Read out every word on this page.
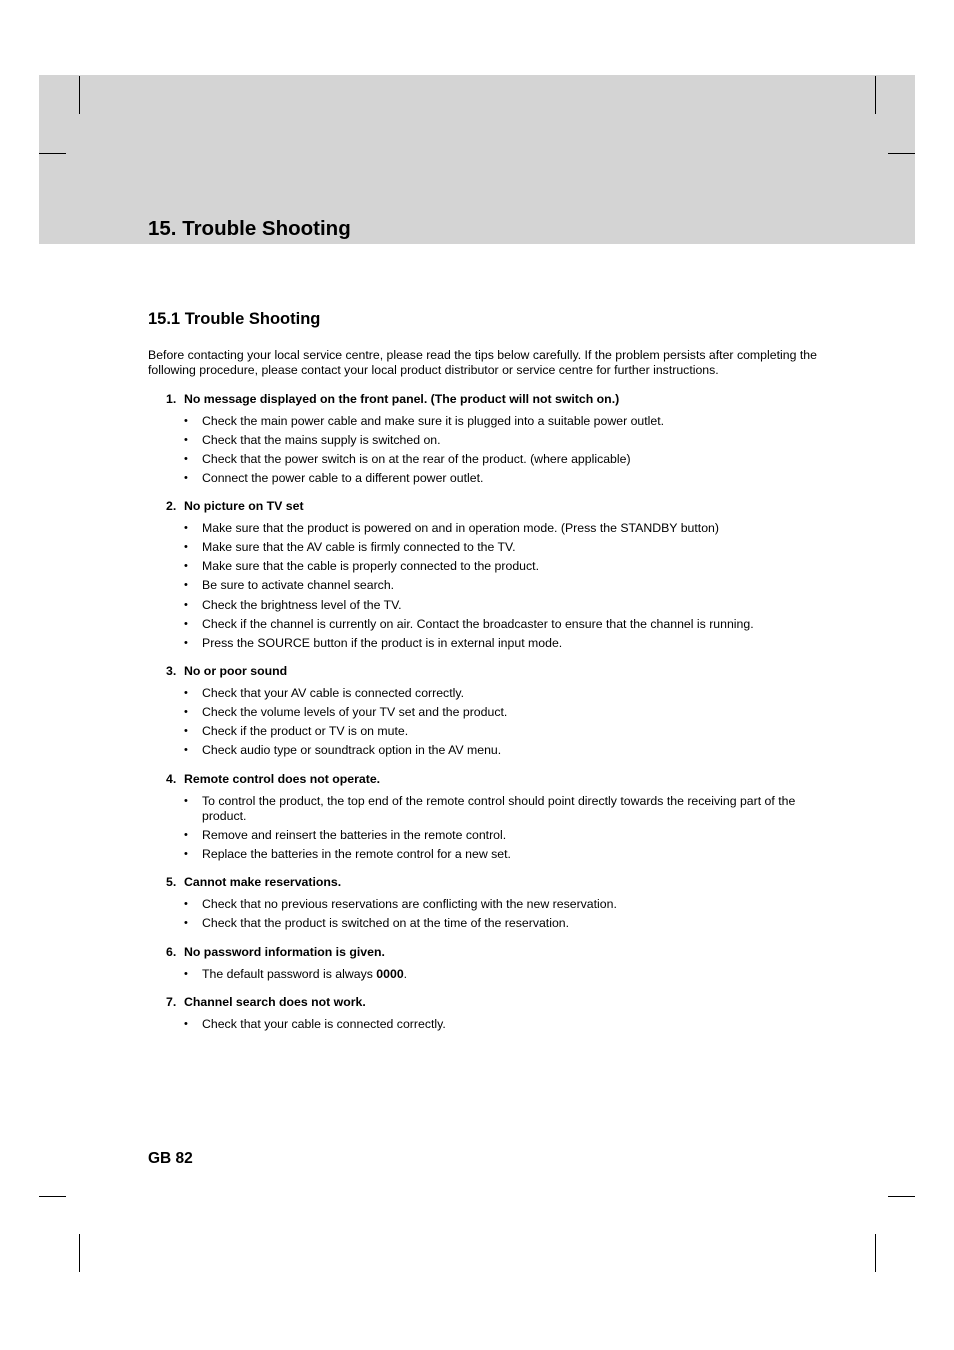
15. Trouble Shooting
15.1 Trouble Shooting

Before contacting your local service centre, please read the tips below carefully. If the problem persists after completing the following procedure, please contact your local product distributor or service centre for further instructions.

1. No message displayed on the front panel. (The product will not switch on.)
• Check the main power cable and make sure it is plugged into a suitable power outlet.
• Check that the mains supply is switched on.
• Check that the power switch is on at the rear of the product. (where applicable)
• Connect the power cable to a different power outlet.
2. No picture on TV set
• Make sure that the product is powered on and in operation mode. (Press the STANDBY button)
• Make sure that the AV cable is firmly connected to the TV.
• Make sure that the cable is properly connected to the product.
• Be sure to activate channel search.
• Check the brightness level of the TV.
• Check if the channel is currently on air. Contact the broadcaster to ensure that the channel is running.
• Press the SOURCE button if the product is in external input mode.
3. No or poor sound
• Check that your AV cable is connected correctly.
• Check the volume levels of your TV set and the product.
• Check if the product or TV is on mute.
• Check audio type or soundtrack option in the AV menu.
4. Remote control does not operate.
• To control the product, the top end of the remote control should point directly towards the receiving part of the product.
• Remove and reinsert the batteries in the remote control.
• Replace the batteries in the remote control for a new set.
5. Cannot make reservations.
• Check that no previous reservations are conflicting with the new reservation.
• Check that the product is switched on at the time of the reservation.
6. No password information is given.
• The default password is always 0000.
7. Channel search does not work.
• Check that your cable is connected correctly.
GB 82
